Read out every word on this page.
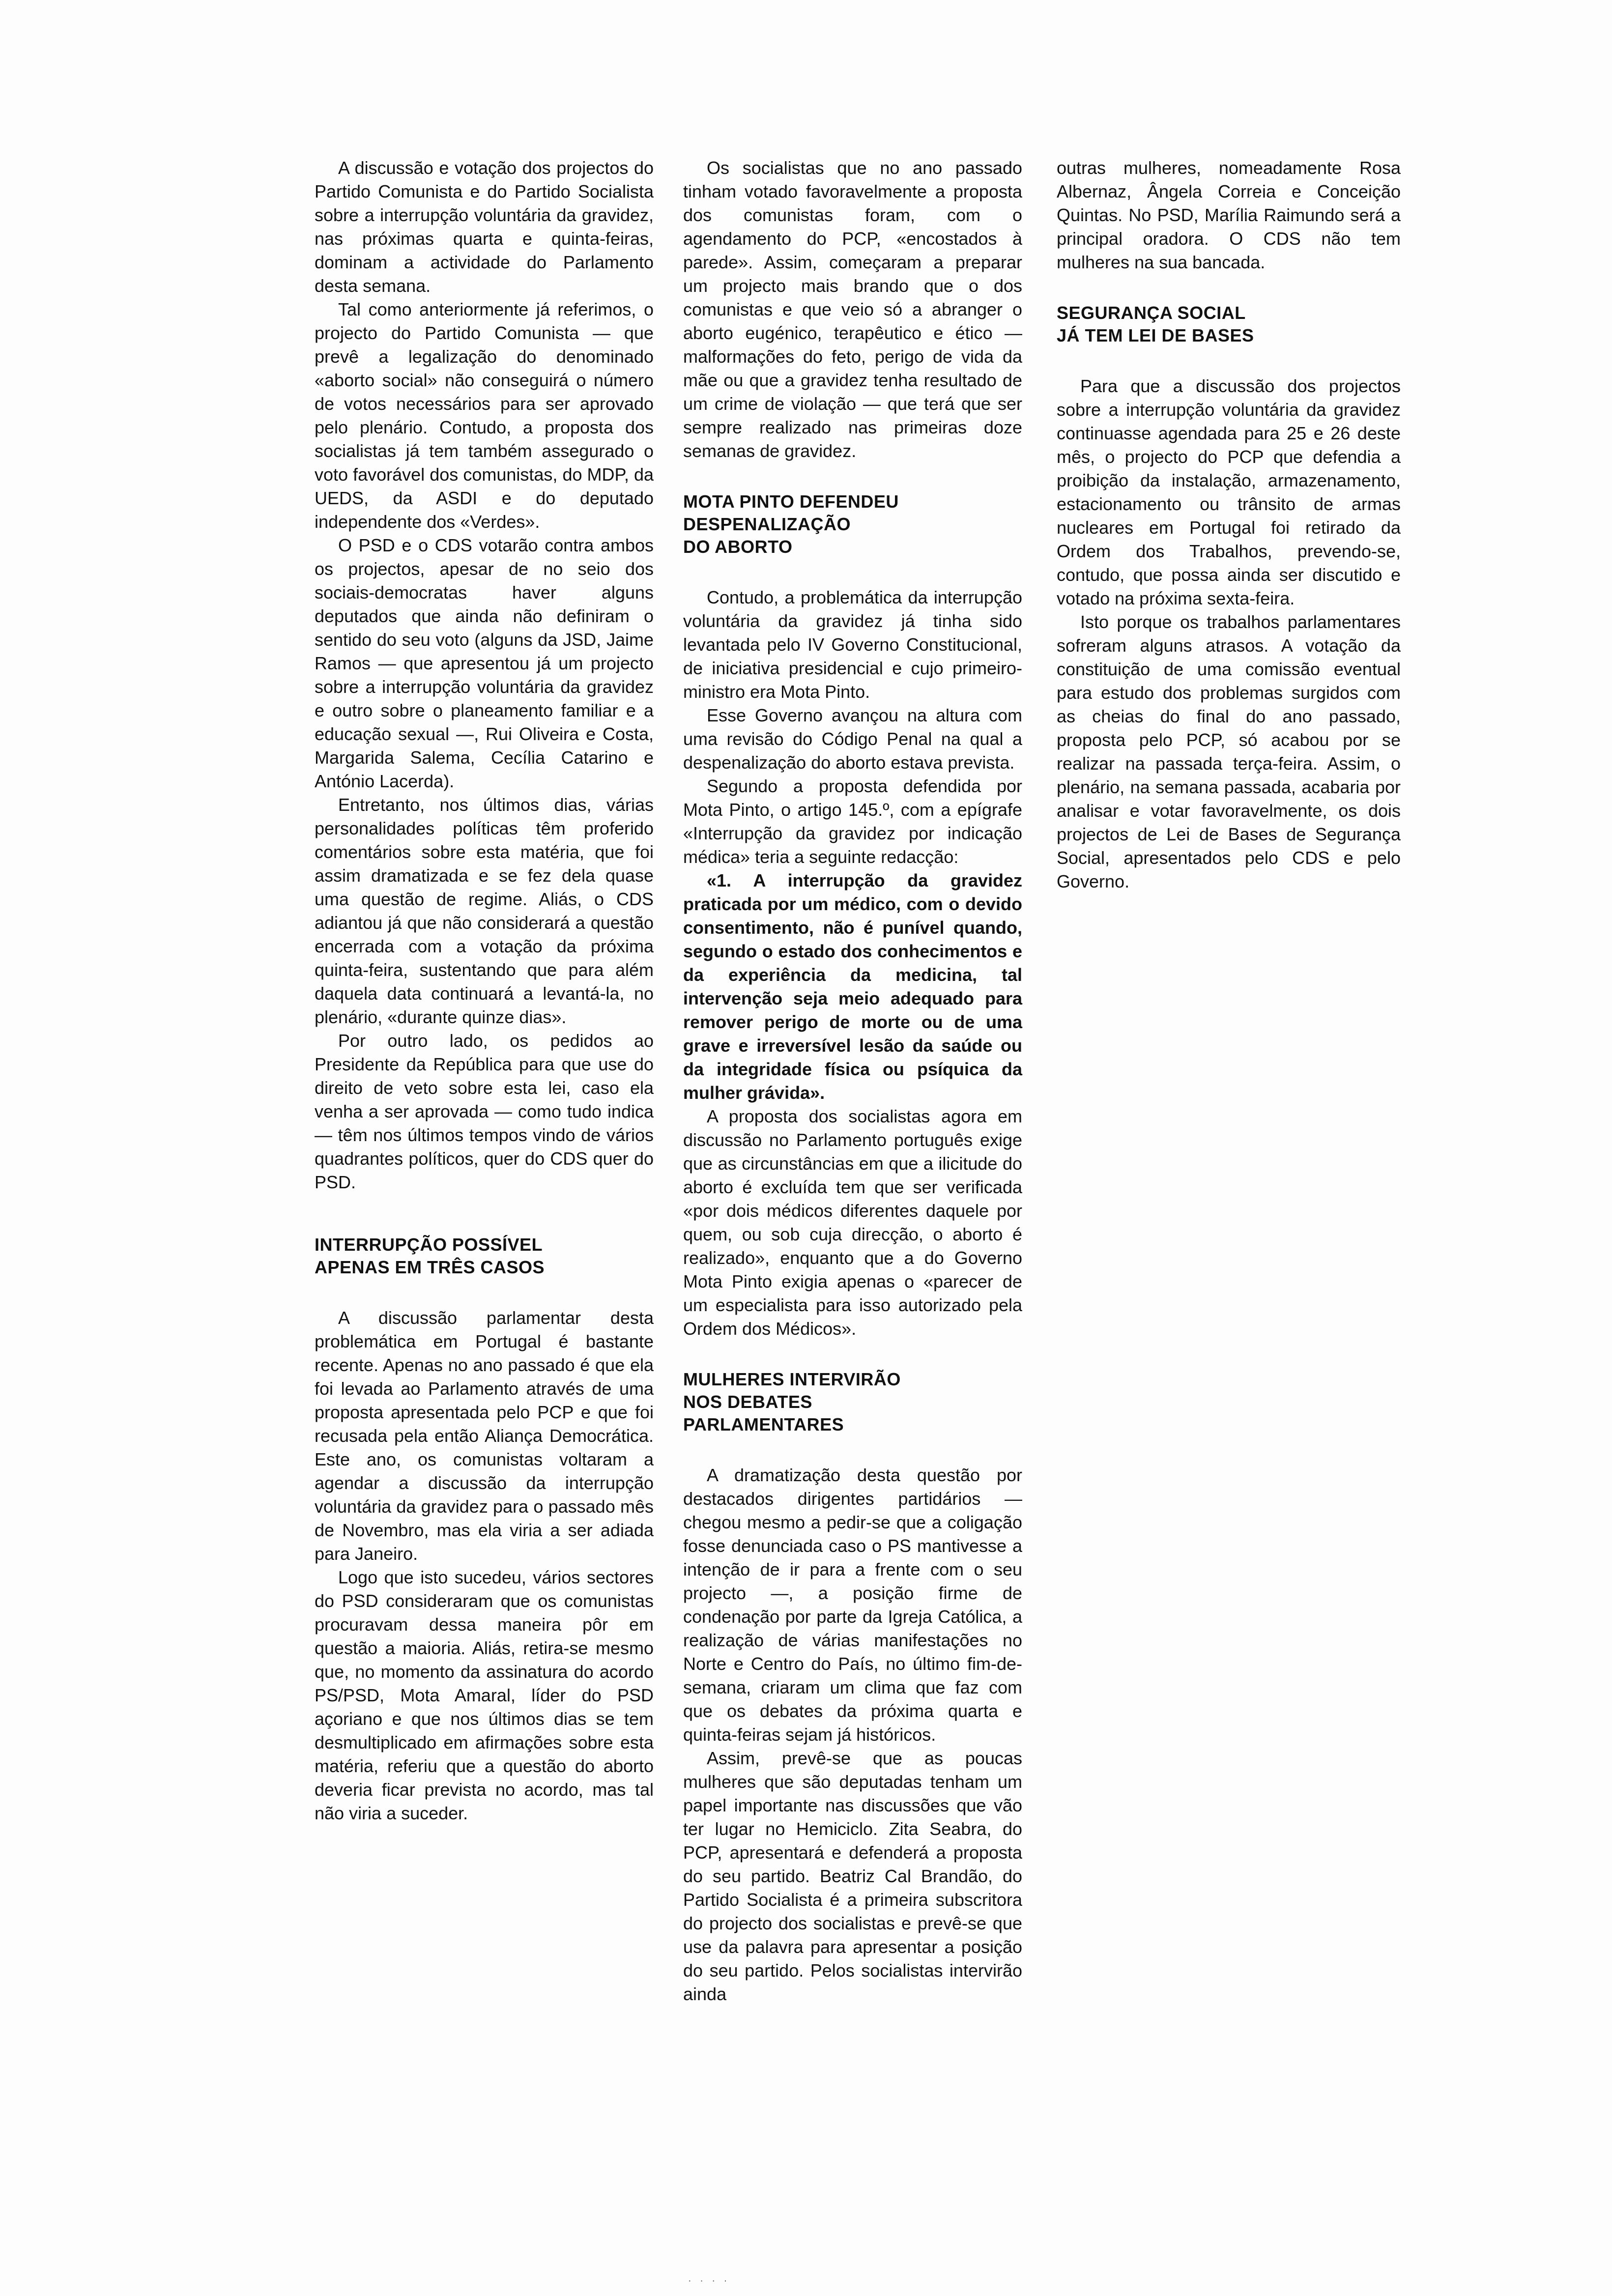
A discussão e votação dos projectos do Partido Comunista e do Partido Socialista sobre a interrupção voluntária da gravidez, nas próximas quarta e quinta-feiras, dominam a actividade do Parlamento desta semana.

Tal como anteriormente já referimos, o projecto do Partido Comunista — que prevê a legalização do denominado «aborto social» não conseguirá o número de votos necessários para ser aprovado pelo plenário. Contudo, a proposta dos socialistas já tem também assegurado o voto favorável dos comunistas, do MDP, da UEDS, da ASDI e do deputado independente dos «Verdes».

O PSD e o CDS votarão contra ambos os projectos, apesar de no seio dos sociais-democratas haver alguns deputados que ainda não definiram o sentido do seu voto (alguns da JSD, Jaime Ramos — que apresentou já um projecto sobre a interrupção voluntária da gravidez e outro sobre o planeamento familiar e a educação sexual —, Rui Oliveira e Costa, Margarida Salema, Cecília Catarino e António Lacerda).

Entretanto, nos últimos dias, várias personalidades políticas têm proferido comentários sobre esta matéria, que foi assim dramatizada e se fez dela quase uma questão de regime. Aliás, o CDS adiantou já que não considerará a questão encerrada com a votação da próxima quinta-feira, sustentando que para além daquela data continuará a levantá-la, no plenário, «durante quinze dias».

Por outro lado, os pedidos ao Presidente da República para que use do direito de veto sobre esta lei, caso ela venha a ser aprovada — como tudo indica — têm nos últimos tempos vindo de vários quadrantes políticos, quer do CDS quer do PSD.

INTERRUPÇÃO POSSÍVEL
APENAS EM TRÊS CASOS

A discussão parlamentar desta problemática em Portugal é bastante recente. Apenas no ano passado é que ela foi levada ao Parlamento através de uma proposta apresentada pelo PCP e que foi recusada pela então Aliança Democrática. Este ano, os comunistas voltaram a agendar a discussão da interrupção voluntária da gravidez para o passado mês de Novembro, mas ela viria a ser adiada para Janeiro.

Logo que isto sucedeu, vários sectores do PSD consideraram que os comunistas procuravam dessa maneira pôr em questão a maioria. Aliás, retira-se mesmo que, no momento da assinatura do acordo PS/PSD, Mota Amaral, líder do PSD açoriano e que nos últimos dias se tem desmultiplicado em afirmações sobre esta matéria, referiu que a questão do aborto deveria ficar prevista no acordo, mas tal não viria a suceder.

Os socialistas que no ano passado tinham votado favoravelmente a proposta dos comunistas foram, com o agendamento do PCP, «encostados à parede». Assim, começaram a preparar um projecto mais brando que o dos comunistas e que veio só a abranger o aborto eugénico, terapêutico e ético — malformações do feto, perigo de vida da mãe ou que a gravidez tenha resultado de um crime de violação — que terá que ser sempre realizado nas primeiras doze semanas de gravidez.

MOTA PINTO DEFENDEU
DESPENALIZAÇÃO
DO ABORTO

Contudo, a problemática da interrupção voluntária da gravidez já tinha sido levantada pelo IV Governo Constitucional, de iniciativa presidencial e cujo primeiro-ministro era Mota Pinto.

Esse Governo avançou na altura com uma revisão do Código Penal na qual a despenalização do aborto estava prevista.

Segundo a proposta defendida por Mota Pinto, o artigo 145.º, com a epígrafe «Interrupção da gravidez por indicação médica» teria a seguinte redacção:

«1. A interrupção da gravidez praticada por um médico, com o devido consentimento, não é punível quando, segundo o estado dos conhecimentos e da experiência da medicina, tal intervenção seja meio adequado para remover perigo de morte ou de uma grave e irreversível lesão da saúde ou da integridade física ou psíquica da mulher grávida».

A proposta dos socialistas agora em discussão no Parlamento português exige que as circunstâncias em que a ilicitude do aborto é excluída tem que ser verificada «por dois médicos diferentes daquele por quem, ou sob cuja direcção, o aborto é realizado», enquanto que a do Governo Mota Pinto exigia apenas o «parecer de um especialista para isso autorizado pela Ordem dos Médicos».

MULHERES INTERVIRÃO
NOS DEBATES
PARLAMENTARES

A dramatização desta questão por destacados dirigentes partidários — chegou mesmo a pedir-se que a coligação fosse denunciada caso o PS mantivesse a intenção de ir para a frente com o seu projecto —, a posição firme de condenação por parte da Igreja Católica, a realização de várias manifestações no Norte e Centro do País, no último fim-de-semana, criaram um clima que faz com que os debates da próxima quarta e quinta-feiras sejam já históricos.

Assim, prevê-se que as poucas mulheres que são deputadas tenham um papel importante nas discussões que vão ter lugar no Hemiciclo. Zita Seabra, do PCP, apresentará e defenderá a proposta do seu partido. Beatriz Cal Brandão, do Partido Socialista é a primeira subscritora do projecto dos socialistas e prevê-se que use da palavra para apresentar a posição do seu partido. Pelos socialistas intervirão ainda

outras mulheres, nomeadamente Rosa Albernaz, Ângela Correia e Conceição Quintas. No PSD, Marília Raimundo será a principal oradora. O CDS não tem mulheres na sua bancada.

SEGURANÇA SOCIAL
JÁ TEM LEI DE BASES

Para que a discussão dos projectos sobre a interrupção voluntária da gravidez continuasse agendada para 25 e 26 deste mês, o projecto do PCP que defendia a proibição da instalação, armazenamento, estacionamento ou trânsito de armas nucleares em Portugal foi retirado da Ordem dos Trabalhos, prevendo-se, contudo, que possa ainda ser discutido e votado na próxima sexta-feira.

Isto porque os trabalhos parlamentares sofreram alguns atrasos. A votação da constituição de uma comissão eventual para estudo dos problemas surgidos com as cheias do final do ano passado, proposta pelo PCP, só acabou por se realizar na passada terça-feira. Assim, o plenário, na semana passada, acabaria por analisar e votar favoravelmente, os dois projectos de Lei de Bases de Segurança Social, apresentados pelo CDS e pelo Governo.

· · · ·
